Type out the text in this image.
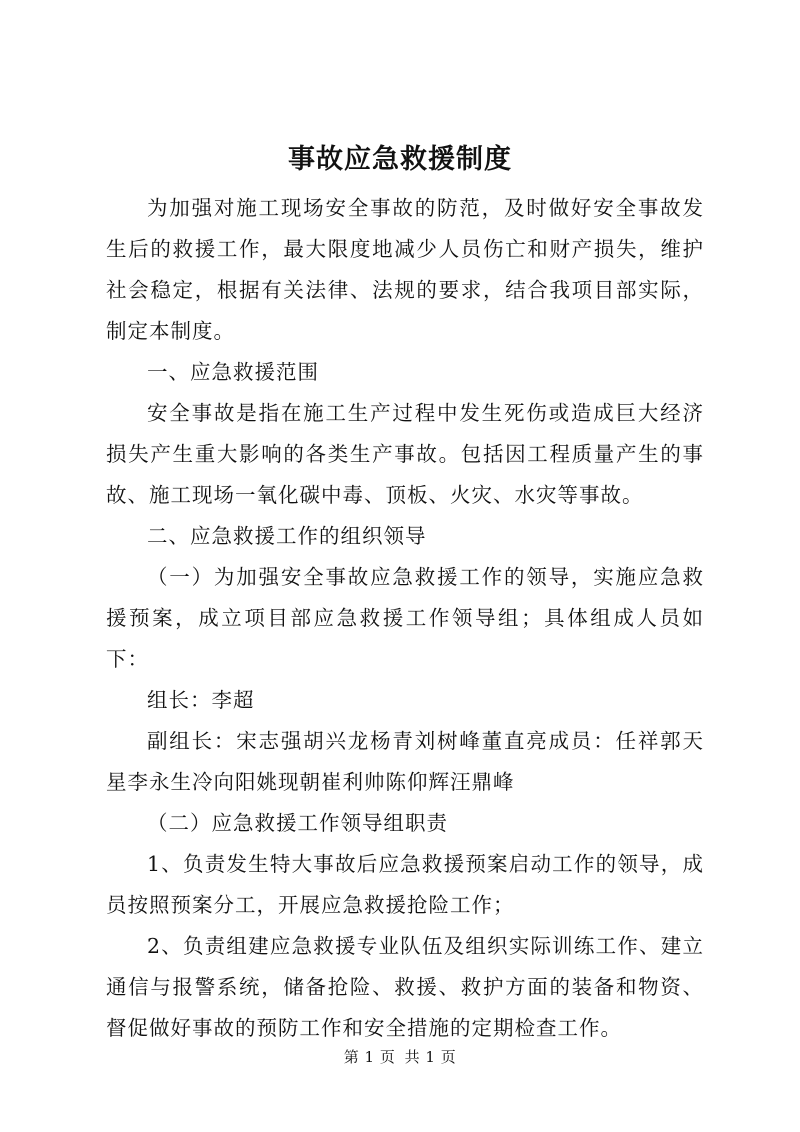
事故应急救援制度

为加强对施工现场安全事故的防范，及时做好安全事故发生后的救援工作，最大限度地减少人员伤亡和财产损失，维护社会稳定，根据有关法律、法规的要求，结合我项目部实际，制定本制度。

一、应急救援范围

安全事故是指在施工生产过程中发生死伤或造成巨大经济损失产生重大影响的各类生产事故。包括因工程质量产生的事故、施工现场一氧化碳中毒、顶板、火灾、水灾等事故。

二、应急救援工作的组织领导

（一）为加强安全事故应急救援工作的领导，实施应急救援预案，成立项目部应急救援工作领导组；具体组成人员如下：

组长：李超

副组长：宋志强胡兴龙杨青刘树峰董直亮成员：任祥郭天星李永生冷向阳姚现朝崔利帅陈仰辉汪鼎峰

（二）应急救援工作领导组职责

1、负责发生特大事故后应急救援预案启动工作的领导，成员按照预案分工，开展应急救援抢险工作；

2、负责组建应急救援专业队伍及组织实际训练工作、建立通信与报警系统，储备抢险、救援、救护方面的装备和物资、督促做好事故的预防工作和安全措施的定期检查工作。

第 1 页 共 1 页
